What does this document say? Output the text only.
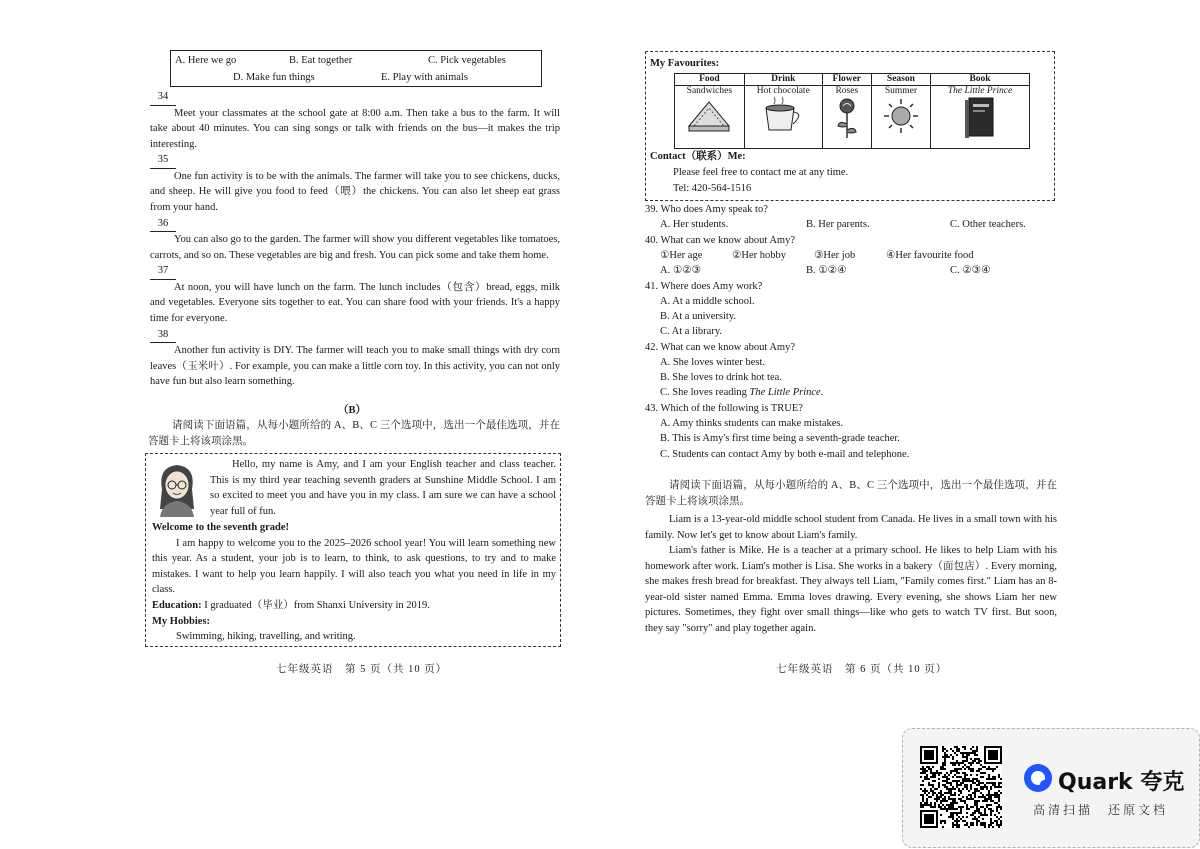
A. Here we go	B. Eat together	C. Pick vegetables
D. Make fun things	E. Play with animals
34
Meet your classmates at the school gate at 8:00 a.m. Then take a bus to the farm. It will take about 40 minutes. You can sing songs or talk with friends on the bus—it makes the trip interesting.
35
One fun activity is to be with the animals. The farmer will take you to see chickens, ducks, and sheep. He will give you food to feed（喂）the chickens. You can also let sheep eat grass from your hand.
36
You can also go to the garden. The farmer will show you different vegetables like tomatoes, carrots, and so on. These vegetables are big and fresh. You can pick some and take them home.
37
At noon, you will have lunch on the farm. The lunch includes（包含）bread, eggs, milk and vegetables. Everyone sits together to eat. You can share food with your friends. It's a happy time for everyone.
38
Another fun activity is DIY. The farmer will teach you to make small things with dry corn leaves（玉米叶）. For example, you can make a little corn toy. In this activity, you can not only have fun but also learn something.
（B）
请阅读下面语篇，从每小题所给的 A、B、C 三个选项中，选出一个最佳选项，并在答题卡上将该项涂黑。
Hello, my name is Amy, and I am your English teacher and class teacher. This is my third year teaching seventh graders at Sunshine Middle School. I am so excited to meet you and have you in my class. I am sure we can have a school year full of fun.
Welcome to the seventh grade!
I am happy to welcome you to the 2025–2026 school year! You will learn something new this year. As a student, your job is to learn, to think, to ask questions, to try and to make mistakes. I want to help you learn happily. I will also teach you what you need in life in my class.
Education: I graduated（毕业）from Shanxi University in 2019.
My Hobbies:
Swimming, hiking, travelling, and writing.
七年级英语　第 5 页（共 10 页）
My Favourites:
Food	Drink	Flower	Season	Book

Sandwiches	Hot chocolate	Roses	Summer	The Little Prince
Contact（联系）Me:
Please feel free to contact me at any time.
Tel: 420-564-1516
39. Who does Amy speak to?
A. Her students.	B. Her parents.	C. Other teachers.
40. What can we know about Amy?
①Her age	②Her hobby	③Her job	④Her favourite food
A. ①②③	B. ①②④	C. ②③④
41. Where does Amy work?
A. At a middle school.
B. At a university.
C. At a library.
42. What can we know about Amy?
A. She loves winter best.
B. She loves to drink hot tea.
C. She loves reading The Little Prince.
43. Which of the following is TRUE?
A. Amy thinks students can make mistakes.
B. This is Amy's first time being a seventh-grade teacher.
C. Students can contact Amy by both e-mail and telephone.
请阅读下面语篇，从每小题所给的 A、B、C 三个选项中，选出一个最佳选项，并在答题卡上将该项涂黑。
Liam is a 13-year-old middle school student from Canada. He lives in a small town with his family. Now let's get to know about Liam's family.
Liam's father is Mike. He is a teacher at a primary school. He likes to help Liam with his homework after work. Liam's mother is Lisa. She works in a bakery（面包店）. Every morning, she makes fresh bread for breakfast. They always tell Liam, "Family comes first." Liam has an 8-year-old sister named Emma. Emma loves drawing. Every evening, she shows Liam her new pictures. Sometimes, they fight over small things—like who gets to watch TV first. But soon, they say "sorry" and play together again.
七年级英语　第 6 页（共 10 页）
Quark 夸克
高清扫描　还原文档
